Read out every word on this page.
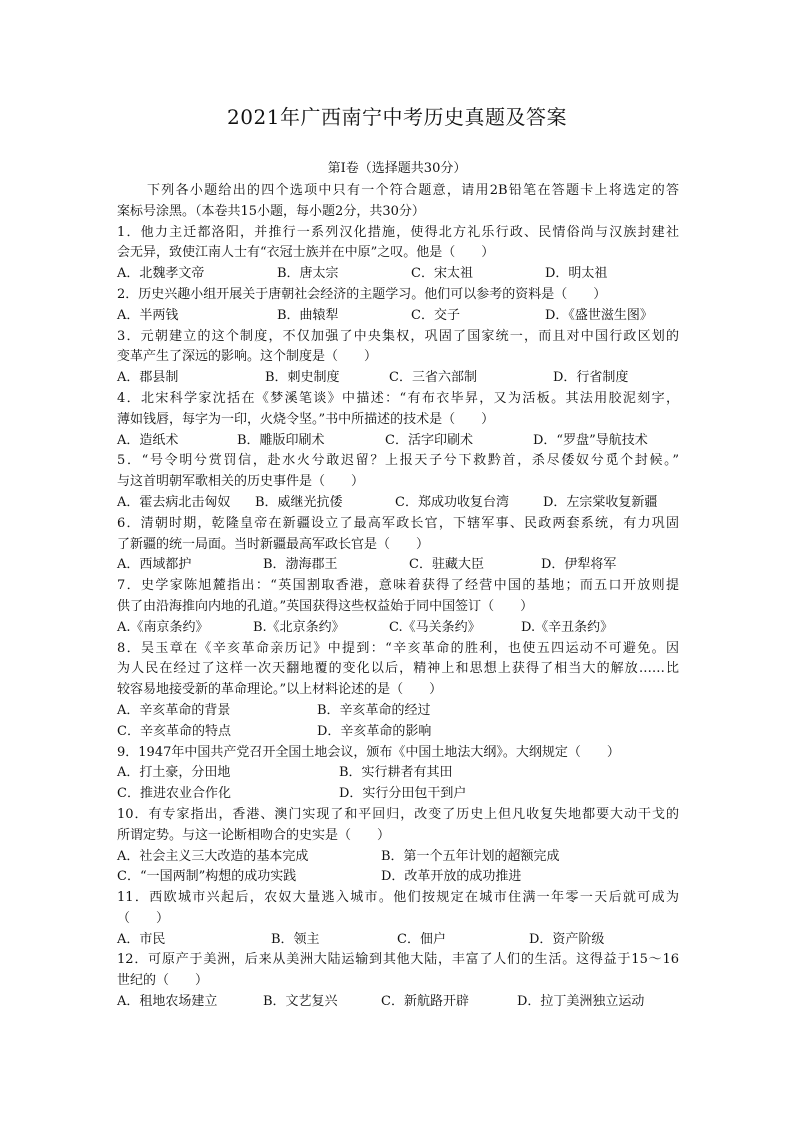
2021年广西南宁中考历史真题及答案
第Ⅰ卷（选择题共30分）
下列各小题给出的四个选项中只有一个符合题意，请用2B铅笔在答题卡上将选定的答
案标号涂黑。（本卷共15小题，每小题2分，共30分）
1．他力主迁都洛阳，并推行一系列汉化措施，使得北方礼乐行政、民情俗尚与汉族封建社
会无异，致使江南人士有“衣冠士族并在中原”之叹。他是（　　）
A．北魏孝文帝	B．唐太宗	C．宋太祖	D．明太祖
2．历史兴趣小组开展关于唐朝社会经济的主题学习。他们可以参考的资料是（　　）
A．半两钱	B．曲辕犁	C．交子	D．《盛世滋生图》
3．元朝建立的这个制度，不仅加强了中央集权，巩固了国家统一，而且对中国行政区划的
变革产生了深远的影响。这个制度是（　　）
A．郡县制	B．刺史制度	C．三省六部制	D．行省制度
4．北宋科学家沈括在《梦溪笔谈》中描述：“有布衣毕昇，又为活板。其法用胶泥刻字，
薄如钱唇，每字为一印，火烧令坚。”书中所描述的技术是（　　）
A．造纸术	B．雕版印刷术	C．活字印刷术	D．“罗盘”导航技术
5．“号令明兮赏罚信，赴水火兮敢迟留？上报天子兮下救黔首，杀尽倭奴兮觅个封候。”
与这首明朝军歌相关的历史事件是（　　）
A．霍去病北击匈奴	B．威继光抗倭	C．郑成功收复台湾	D．左宗棠收复新疆
6．清朝时期，乾隆皇帝在新疆设立了最高军政长官，下辖军事、民政两套系统，有力巩固
了新疆的统一局面。当时新疆最高军政长官是（　　）
A．西域都护	B．渤海郡王	C．驻藏大臣	D．伊犁将军
7．史学家陈旭麓指出：“英国割取香港，意味着获得了经营中国的基地；而五口开放则提
供了由沿海推向内地的孔道。”英国获得这些权益始于同中国签订（　　）
A.《南京条约》	B.《北京条约》	C.《马关条约》	D.《辛丑条约》
8．吴玉章在《辛亥革命亲历记》中提到：“辛亥革命的胜利，也使五四运动不可避免。因
为人民在经过了这样一次天翻地覆的变化以后，精神上和思想上获得了相当大的解放……比
较容易地接受新的革命理论。”以上材料论述的是（　　）
A．辛亥革命的背景	B．辛亥革命的经过
C．辛亥革命的特点	D．辛亥革命的影响
9．1947年中国共产党召开全国土地会议，颁布《中国土地法大纲》。大纲规定（　　）
A．打土豪，分田地	B．实行耕者有其田
C．推进农业合作化	D．实行分田包干到户
10．有专家指出，香港、澳门实现了和平回归，改变了历史上但凡收复失地都要大动干戈的
所谓定势。与这一论断相吻合的史实是（　　）
A．社会主义三大改造的基本完成	B．第一个五年计划的超额完成
C．“一国两制”构想的成功实践	D．改革开放的成功推进
11．西欧城市兴起后，农奴大量逃入城市。他们按规定在城市住满一年零一天后就可成为
（　　）
A．市民	B．领主	C．佃户	D．资产阶级
12．可原产于美洲，后来从美洲大陆运输到其他大陆，丰富了人们的生活。这得益于15～16
世纪的（　　）
A．租地农场建立	B．文艺复兴	C．新航路开辟	D．拉丁美洲独立运动
